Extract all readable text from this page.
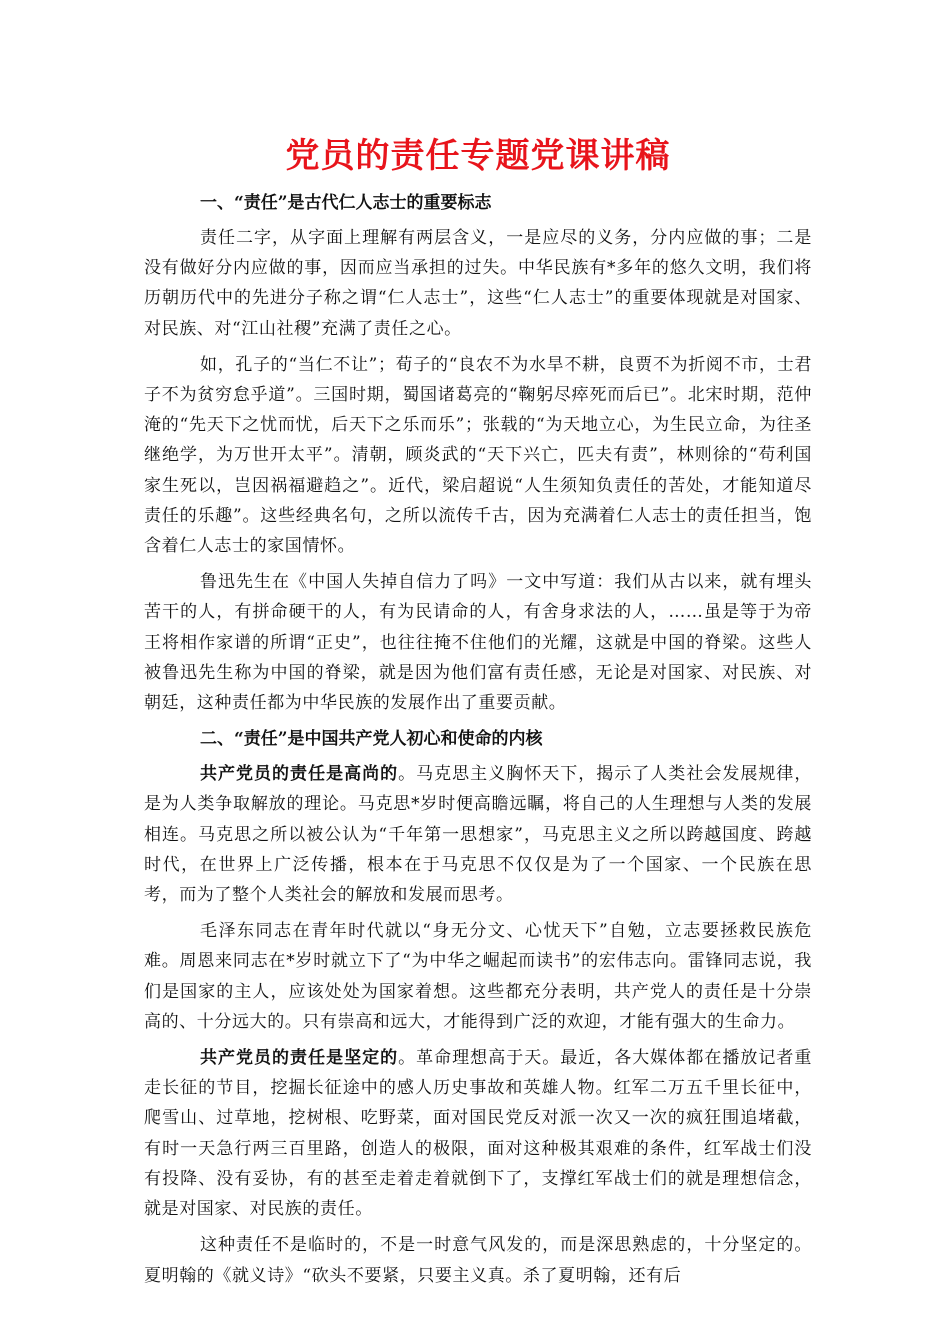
党员的责任专题党课讲稿
一、“责任”是古代仁人志士的重要标志

责任二字，从字面上理解有两层含义，一是应尽的义务，分内应做的事；二是没有做好分内应做的事，因而应当承担的过失。中华民族有*多年的悠久文明，我们将历朝历代中的先进分子称之谓“仁人志士”，这些“仁人志士”的重要体现就是对国家、对民族、对“江山社稷”充满了责任之心。

如，孔子的“当仁不让”；荀子的“良农不为水旱不耕，良贾不为折阅不市，士君子不为贫穷怠乎道”。三国时期，蜀国诸葛亮的“鞠躬尽瘁死而后已”。北宋时期，范仲淹的“先天下之忧而忧，后天下之乐而乐”；张载的“为天地立心，为生民立命，为往圣继绝学，为万世开太平”。清朝，顾炎武的“天下兴亡，匹夫有责”，林则徐的“苟利国家生死以，岂因祸福避趋之”。近代，梁启超说“人生须知负责任的苦处，才能知道尽责任的乐趣”。这些经典名句，之所以流传千古，因为充满着仁人志士的责任担当，饱含着仁人志士的家国情怀。

鲁迅先生在《中国人失掉自信力了吗》一文中写道：我们从古以来，就有埋头苦干的人，有拼命硬干的人，有为民请命的人，有舍身求法的人，……虽是等于为帝王将相作家谱的所谓“正史”，也往往掩不住他们的光耀，这就是中国的脊梁。这些人被鲁迅先生称为中国的脊梁，就是因为他们富有责任感，无论是对国家、对民族、对朝廷，这种责任都为中华民族的发展作出了重要贡献。

二、“责任”是中国共产党人初心和使命的内核

共产党员的责任是高尚的。马克思主义胸怀天下，揭示了人类社会发展规律，是为人类争取解放的理论。马克思*岁时便高瞻远瞩，将自己的人生理想与人类的发展相连。马克思之所以被公认为“千年第一思想家”，马克思主义之所以跨越国度、跨越时代，在世界上广泛传播，根本在于马克思不仅仅是为了一个国家、一个民族在思考，而为了整个人类社会的解放和发展而思考。

毛泽东同志在青年时代就以“身无分文、心忧天下”自勉，立志要拯救民族危难。周恩来同志在*岁时就立下了“为中华之崛起而读书”的宏伟志向。雷锋同志说，我们是国家的主人，应该处处为国家着想。这些都充分表明，共产党人的责任是十分崇高的、十分远大的。只有崇高和远大，才能得到广泛的欢迎，才能有强大的生命力。

共产党员的责任是坚定的。革命理想高于天。最近，各大媒体都在播放记者重走长征的节目，挖掘长征途中的感人历史事故和英雄人物。红军二万五千里长征中，爬雪山、过草地，挖树根、吃野菜，面对国民党反对派一次又一次的疯狂围追堵截，有时一天急行两三百里路，创造人的极限，面对这种极其艰难的条件，红军战士们没有投降、没有妥协，有的甚至走着走着就倒下了，支撑红军战士们的就是理想信念，就是对国家、对民族的责任。

这种责任不是临时的，不是一时意气风发的，而是深思熟虑的，十分坚定的。夏明翰的《就义诗》“砍头不要紧，只要主义真。杀了夏明翰，还有后
